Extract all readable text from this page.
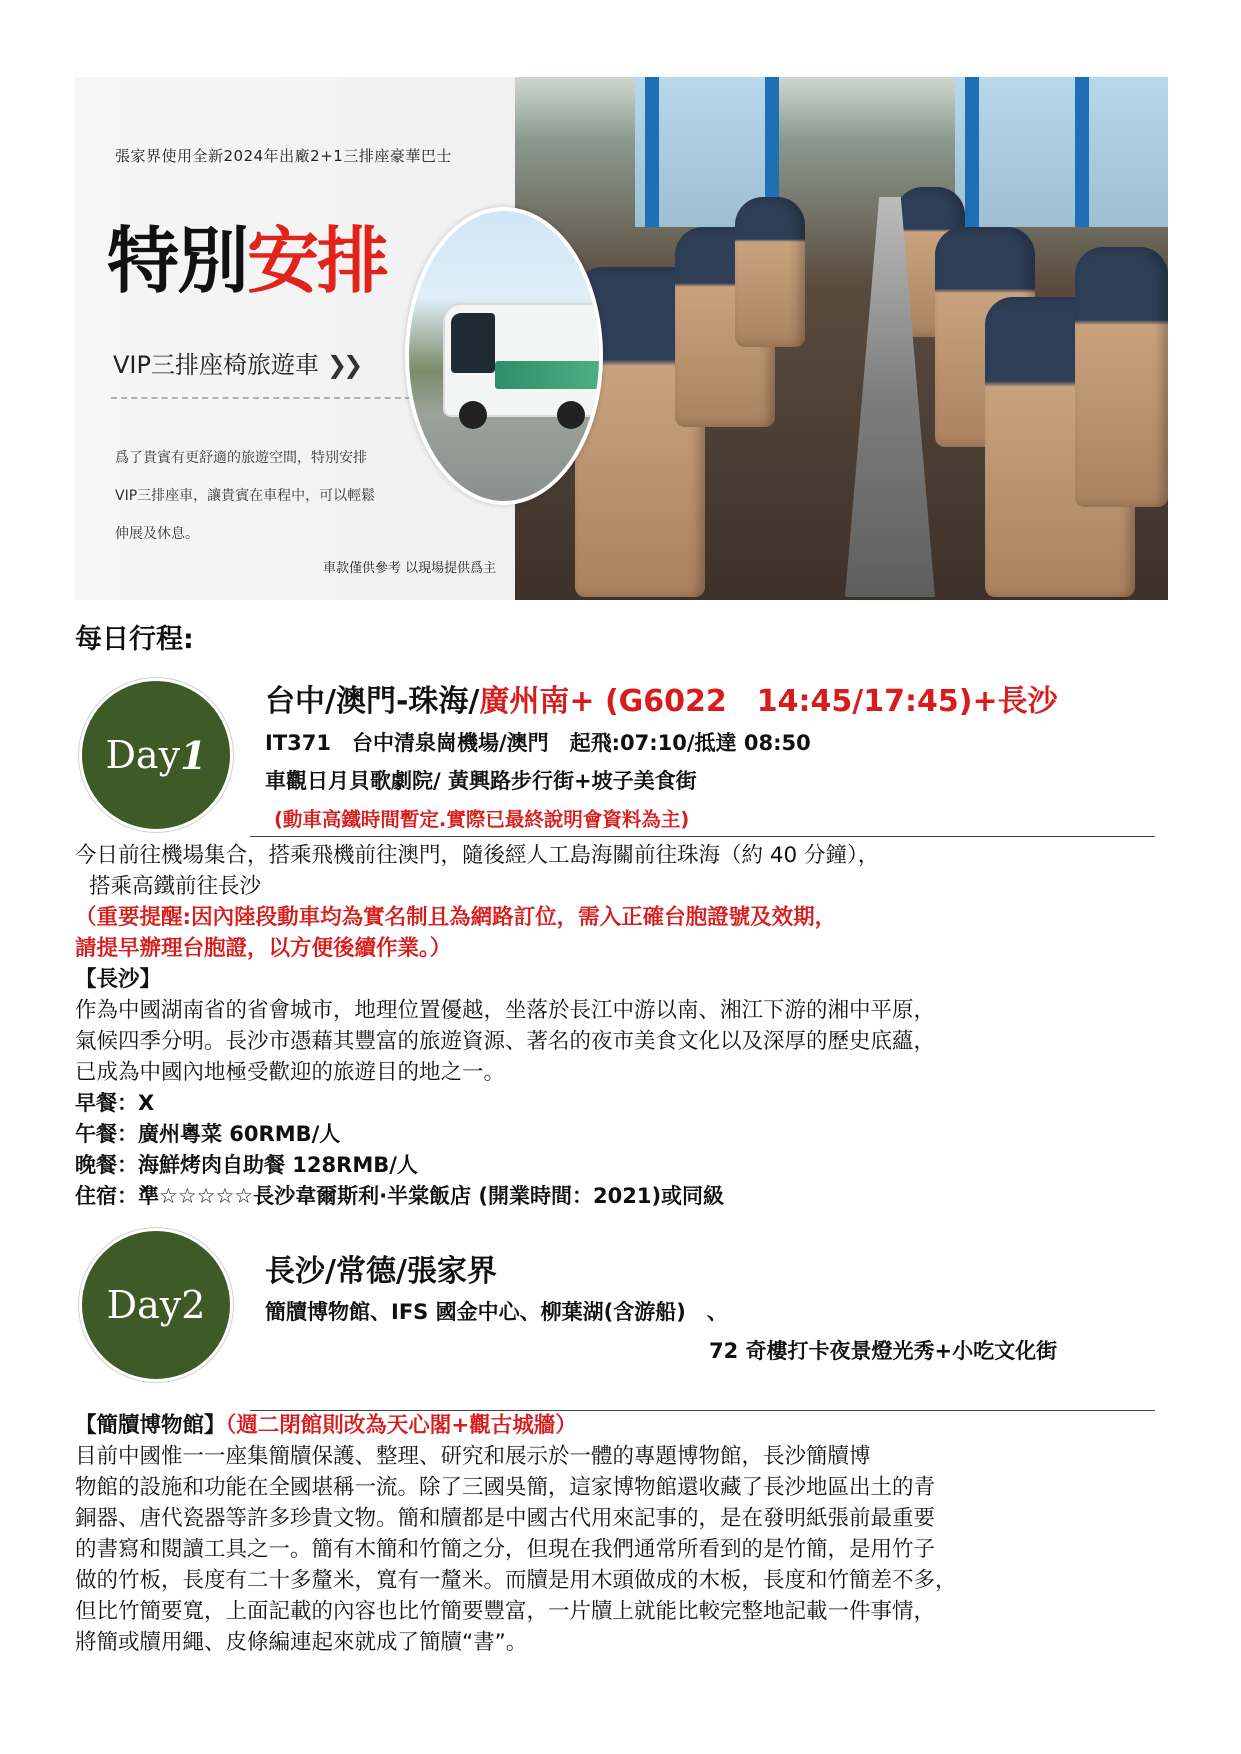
張家界使用全新2024年出廠2+1三排座豪華巴士
特別安排
VIP三排座椅旅遊車 ❯❯
爲了貴賓有更舒適的旅遊空間，特別安排
VIP三排座車，讓貴賓在車程中，可以輕鬆
伸展及休息。
車款僅供參考 以現場提供爲主
每日行程:
Day 1
台中/澳門-珠海/廣州南+ (G6022　14:45/17:45)+長沙
IT371　台中清泉崗機場/澳門　起飛:07:10/抵達 08:50
車觀日月貝歌劇院/ 黃興路步行街+坡子美食街
(動車高鐵時間暫定.實際已最終說明會資料為主)
今日前往機場集合，搭乘飛機前往澳門，隨後經人工島海關前往珠海（約 40 分鐘），
搭乘高鐵前往長沙
（重要提醒:因內陸段動車均為實名制且為網路訂位，需入正確台胞證號及效期，
請提早辦理台胞證，以方便後續作業。）
【長沙】
作為中國湖南省的省會城市，地理位置優越，坐落於長江中游以南、湘江下游的湘中平原，
氣候四季分明。長沙市憑藉其豐富的旅遊資源、著名的夜市美食文化以及深厚的歷史底蘊，
已成為中國內地極受歡迎的旅遊目的地之一。
早餐：X
午餐：廣州粵菜 60RMB/人
晚餐：海鮮烤肉自助餐 128RMB/人
住宿：準☆☆☆☆☆長沙韋爾斯利·半棠飯店 (開業時間：2021)或同級
Day 2
長沙/常德/張家界
簡牘博物館、IFS 國金中心、柳葉湖(含游船)　、
72 奇樓打卡夜景燈光秀+小吃文化街
【簡牘博物館】（週二閉館則改為天心閣+觀古城牆）
目前中國惟一一座集簡牘保護、整理、研究和展示於一體的專題博物館，長沙簡牘博
物館的設施和功能在全國堪稱一流。除了三國吳簡，這家博物館還收藏了長沙地區出土的青
銅器、唐代瓷器等許多珍貴文物。簡和牘都是中國古代用來記事的，是在發明紙張前最重要
的書寫和閱讀工具之一。簡有木簡和竹簡之分，但現在我們通常所看到的是竹簡，是用竹子
做的竹板，長度有二十多釐米，寬有一釐米。而牘是用木頭做成的木板，長度和竹簡差不多，
但比竹簡要寬，上面記載的內容也比竹簡要豐富，一片牘上就能比較完整地記載一件事情，
將簡或牘用繩、皮條編連起來就成了簡牘“書”。
